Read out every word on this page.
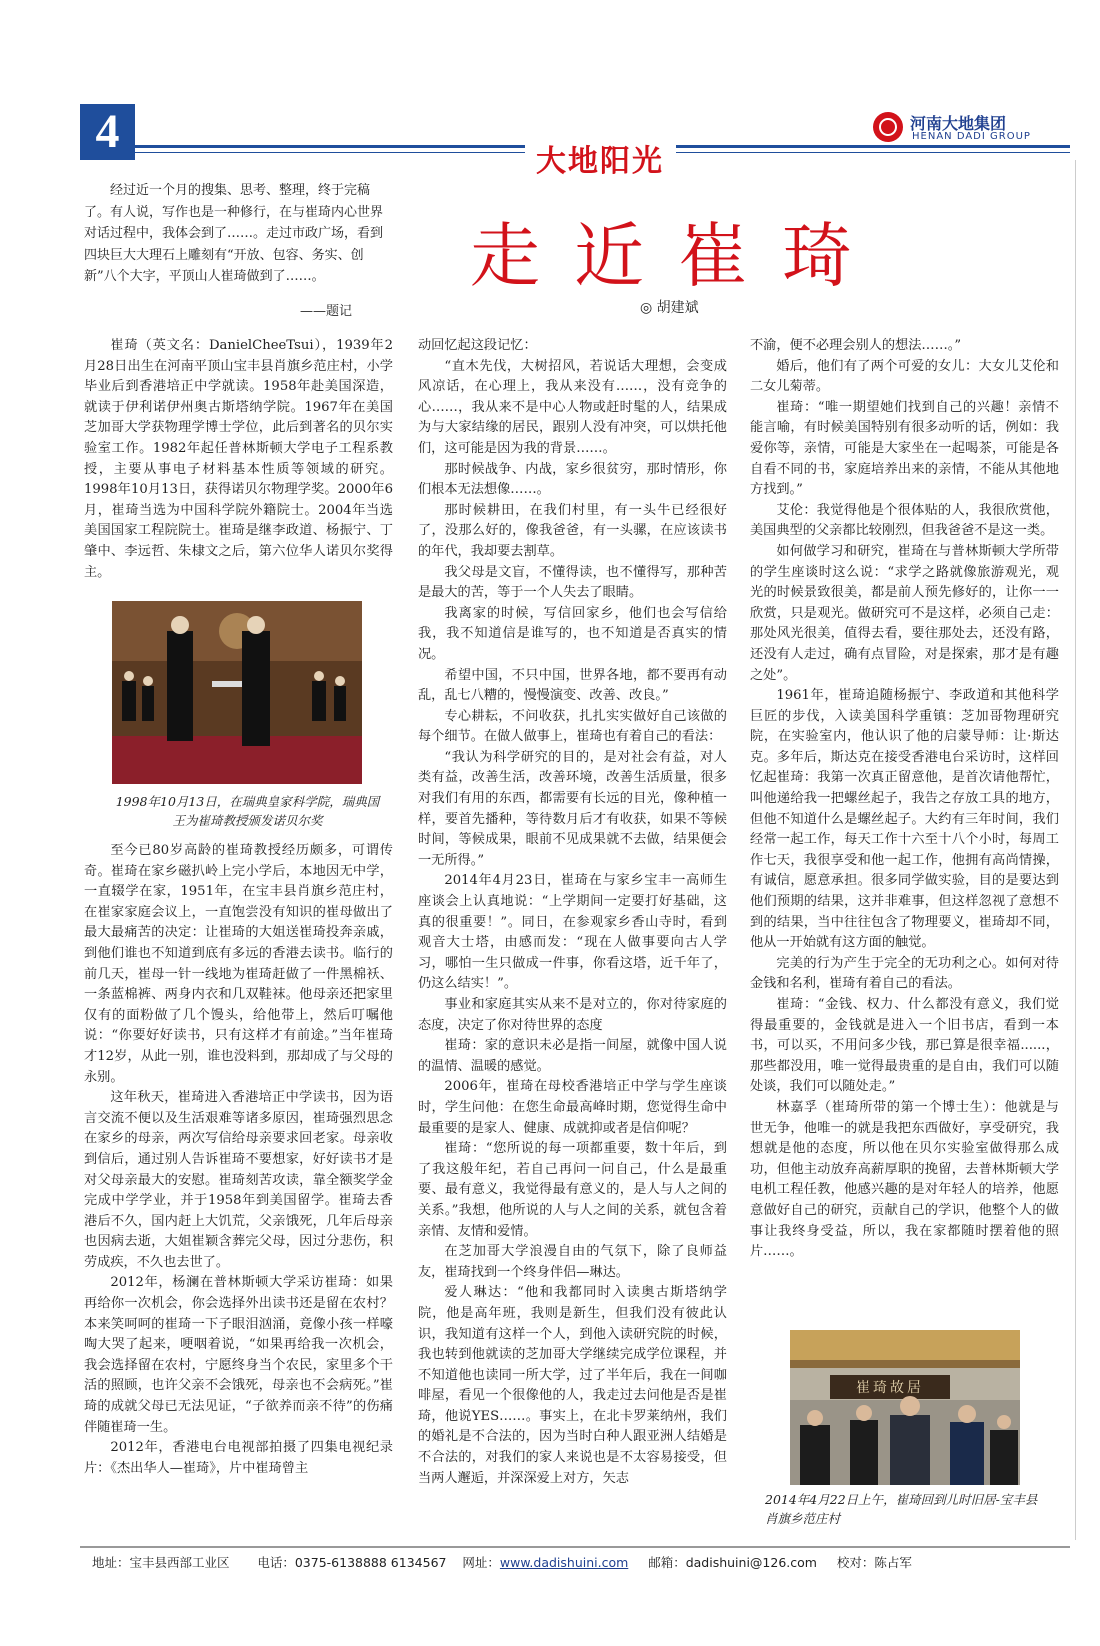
4
大地阳光
河南大地集团
HENAN DADI GROUP

经过近一个月的搜集、思考、整理，终于完稿了。有人说，写作也是一种修行，在与崔琦内心世界对话过程中，我体会到了……。走过市政广场，看到四块巨大大理石上雕刻有“开放、包容、务实、创新”八个大字，平顶山人崔琦做到了……。

——题记
走近崔琦
◎ 胡建斌

崔琦（英文名：DanielCheeTsui），1939年2月28日出生在河南平顶山宝丰县肖旗乡范庄村，小学毕业后到香港培正中学就读。1958年赴美国深造，就读于伊利诺伊州奥古斯塔纳学院。1967年在美国芝加哥大学获物理学博士学位，此后到著名的贝尔实验室工作。1982年起任普林斯顿大学电子工程系教授，主要从事电子材料基本性质等领域的研究。1998年10月13日，获得诺贝尔物理学奖。2000年6月，崔琦当选为中国科学院外籍院士。2004年当选美国国家工程院院士。崔琦是继李政道、杨振宁、丁肇中、李远哲、朱棣文之后，第六位华人诺贝尔奖得主。

1998年10月13日，在瑞典皇家科学院，瑞典国王为崔琦教授颁发诺贝尔奖

至今已80岁高龄的崔琦教授经历颇多，可谓传奇。崔琦在家乡磁扒岭上完小学后，本地因无中学，一直辍学在家，1951年，在宝丰县肖旗乡范庄村，在崔家家庭会议上，一直饱尝没有知识的崔母做出了最大最痛苦的决定：让崔琦的大姐送崔琦投奔亲戚，到他们谁也不知道到底有多远的香港去读书。临行的前几天，崔母一针一线地为崔琦赶做了一件黑棉袄、一条蓝棉裤、两身内衣和几双鞋袜。他母亲还把家里仅有的面粉做了几个馒头，给他带上，然后叮嘱他说：“你要好好读书，只有这样才有前途。”当年崔琦才12岁，从此一别，谁也没料到，那却成了与父母的永别。

这年秋天，崔琦进入香港培正中学读书，因为语言交流不便以及生活艰难等诸多原因，崔琦强烈思念在家乡的母亲，两次写信给母亲要求回老家。母亲收到信后，通过别人告诉崔琦不要想家，好好读书才是对父母亲最大的安慰。崔琦刻苦攻读，靠全额奖学金完成中学学业，并于1958年到美国留学。崔琦去香港后不久，国内赶上大饥荒，父亲饿死，几年后母亲也因病去逝，大姐崔颖含葬完父母，因过分悲伤，积劳成疾，不久也去世了。

2012年，杨澜在普林斯顿大学采访崔琦：如果再给你一次机会，你会选择外出读书还是留在农村？本来笑呵呵的崔琦一下子眼泪汹涌，竟像小孩一样嚎啕大哭了起来，哽咽着说，“如果再给我一次机会，我会选择留在农村，宁愿终身当个农民，家里多个干活的照顾，也许父亲不会饿死，母亲也不会病死。”崔琦的成就父母已无法见证，“子欲养而亲不待”的伤痛伴随崔琦一生。

2012年，香港电台电视部拍摄了四集电视纪录片：《杰出华人—崔琦》，片中崔琦曾主

动回忆起这段记忆：

“直木先伐，大树招风，若说话大理想，会变成风凉话，在心理上，我从来没有……，没有竞争的心……，我从来不是中心人物或赶时髦的人，结果成为与大家结缘的居民，跟别人没有冲突，可以烘托他们，这可能是因为我的背景……。

那时候战争、内战，家乡很贫穷，那时情形，你们根本无法想像……。

那时候耕田，在我们村里，有一头牛已经很好了，没那么好的，像我爸爸，有一头骡，在应该读书的年代，我却要去割草。

我父母是文盲，不懂得读，也不懂得写，那种苦是最大的苦，等于一个人失去了眼睛。

我离家的时候，写信回家乡，他们也会写信给我，我不知道信是谁写的，也不知道是否真实的情况。

希望中国，不只中国，世界各地，都不要再有动乱，乱七八糟的，慢慢演变、改善、改良。”

专心耕耘，不问收获，扎扎实实做好自己该做的每个细节。在做人做事上，崔琦也有着自己的看法：

“我认为科学研究的目的，是对社会有益，对人类有益，改善生活，改善环境，改善生活质量，很多对我们有用的东西，都需要有长远的目光，像种植一样，要首先播种，等待数月后才有收获，如果不等候时间，等候成果，眼前不见成果就不去做，结果便会一无所得。”

2014年4月23日，崔琦在与家乡宝丰一高师生座谈会上认真地说：“上学期间一定要打好基础，这真的很重要！”。同日，在参观家乡香山寺时，看到观音大士塔，由感而发：“现在人做事要向古人学习，哪怕一生只做成一件事，你看这塔，近千年了，仍这么结实！”。

事业和家庭其实从来不是对立的，你对待家庭的态度，决定了你对待世界的态度

崔琦：家的意识未必是指一间屋，就像中国人说的温情、温暖的感觉。

2006年，崔琦在母校香港培正中学与学生座谈时，学生问他：在您生命最高峰时期，您觉得生命中最重要的是家人、健康、成就抑或者是信仰呢？

崔琦：“您所说的每一项都重要，数十年后，到了我这般年纪，若自己再问一问自己，什么是最重要、最有意义，我觉得最有意义的，是人与人之间的关系。”我想，他所说的人与人之间的关系，就包含着亲情、友情和爱情。

在芝加哥大学浪漫自由的气氛下，除了良师益友，崔琦找到一个终身伴侣—琳达。

爱人琳达：“他和我都同时入读奥古斯塔纳学院，他是高年班，我则是新生，但我们没有彼此认识，我知道有这样一个人，到他入读研究院的时候，我也转到他就读的芝加哥大学继续完成学位课程，并不知道他也读同一所大学，过了半年后，我在一间咖啡屋，看见一个很像他的人，我走过去问他是否是崔琦，他说YES……。事实上，在北卡罗莱纳州，我们的婚礼是不合法的，因为当时白种人跟亚洲人结婚是不合法的，对我们的家人来说也是不太容易接受，但当两人邂逅，并深深爱上对方，矢志

不渝，便不必理会别人的想法……。”

婚后，他们有了两个可爱的女儿：大女儿艾伦和二女儿菊蒂。

崔琦：“唯一期望她们找到自己的兴趣！亲情不能言喻，有时候美国特别有很多动听的话，例如：我爱你等，亲情，可能是大家坐在一起喝茶，可能是各自看不同的书，家庭培养出来的亲情，不能从其他地方找到。”

艾伦：我觉得他是个很体贴的人，我很欣赏他，美国典型的父亲都比较刚烈，但我爸爸不是这一类。

如何做学习和研究，崔琦在与普林斯顿大学所带的学生座谈时这么说：“求学之路就像旅游观光，观光的时候景致很美，都是前人预先修好的，让你一一欣赏，只是观光。做研究可不是这样，必须自己走：那处风光很美，值得去看，要往那处去，还没有路，还没有人走过，确有点冒险，对是探索，那才是有趣之处”。

1961年，崔琦追随杨振宁、李政道和其他科学巨匠的步伐，入读美国科学重镇：芝加哥物理研究院，在实验室内，他认识了他的启蒙导师：让·斯达克。多年后，斯达克在接受香港电台采访时，这样回忆起崔琦：我第一次真正留意他，是首次请他帮忙，叫他递给我一把螺丝起子，我告之存放工具的地方，但他不知道什么是螺丝起子。大约有三年时间，我们经常一起工作，每天工作十六至十八个小时，每周工作七天，我很享受和他一起工作，他拥有高尚情操，有诚信，愿意承担。很多同学做实验，目的是要达到他们预期的结果，这并非难事，但这样忽视了意想不到的结果，当中往往包含了物理要义，崔琦却不同，他从一开始就有这方面的触觉。

完美的行为产生于完全的无功利之心。如何对待金钱和名利，崔琦有着自己的看法。

崔琦：“金钱、权力、什么都没有意义，我们觉得最重要的，金钱就是进入一个旧书店，看到一本书，可以买，不用问多少钱，那已算是很幸福......，那些都没用，唯一觉得最贵重的是自由，我们可以随处谈，我们可以随处走。”

林嘉孚（崔琦所带的第一个博士生）：他就是与世无争，他唯一的就是我把东西做好，享受研究，我想就是他的态度，所以他在贝尔实验室做得那么成功，但他主动放弃高薪厚职的挽留，去普林斯顿大学电机工程任教，他感兴趣的是对年轻人的培养，他愿意做好自己的研究，贡献自己的学识，他整个人的做事让我终身受益，所以，我在家都随时摆着他的照片……。

崔琦故居
2014年4月22日上午，崔琦回到儿时旧居-宝丰县肖旗乡范庄村
地址：宝丰县西部工业区 电话：0375-6138888 6134567 网址：www.dadishuini.com 邮箱：dadishuini@126.com 校对：陈占军
